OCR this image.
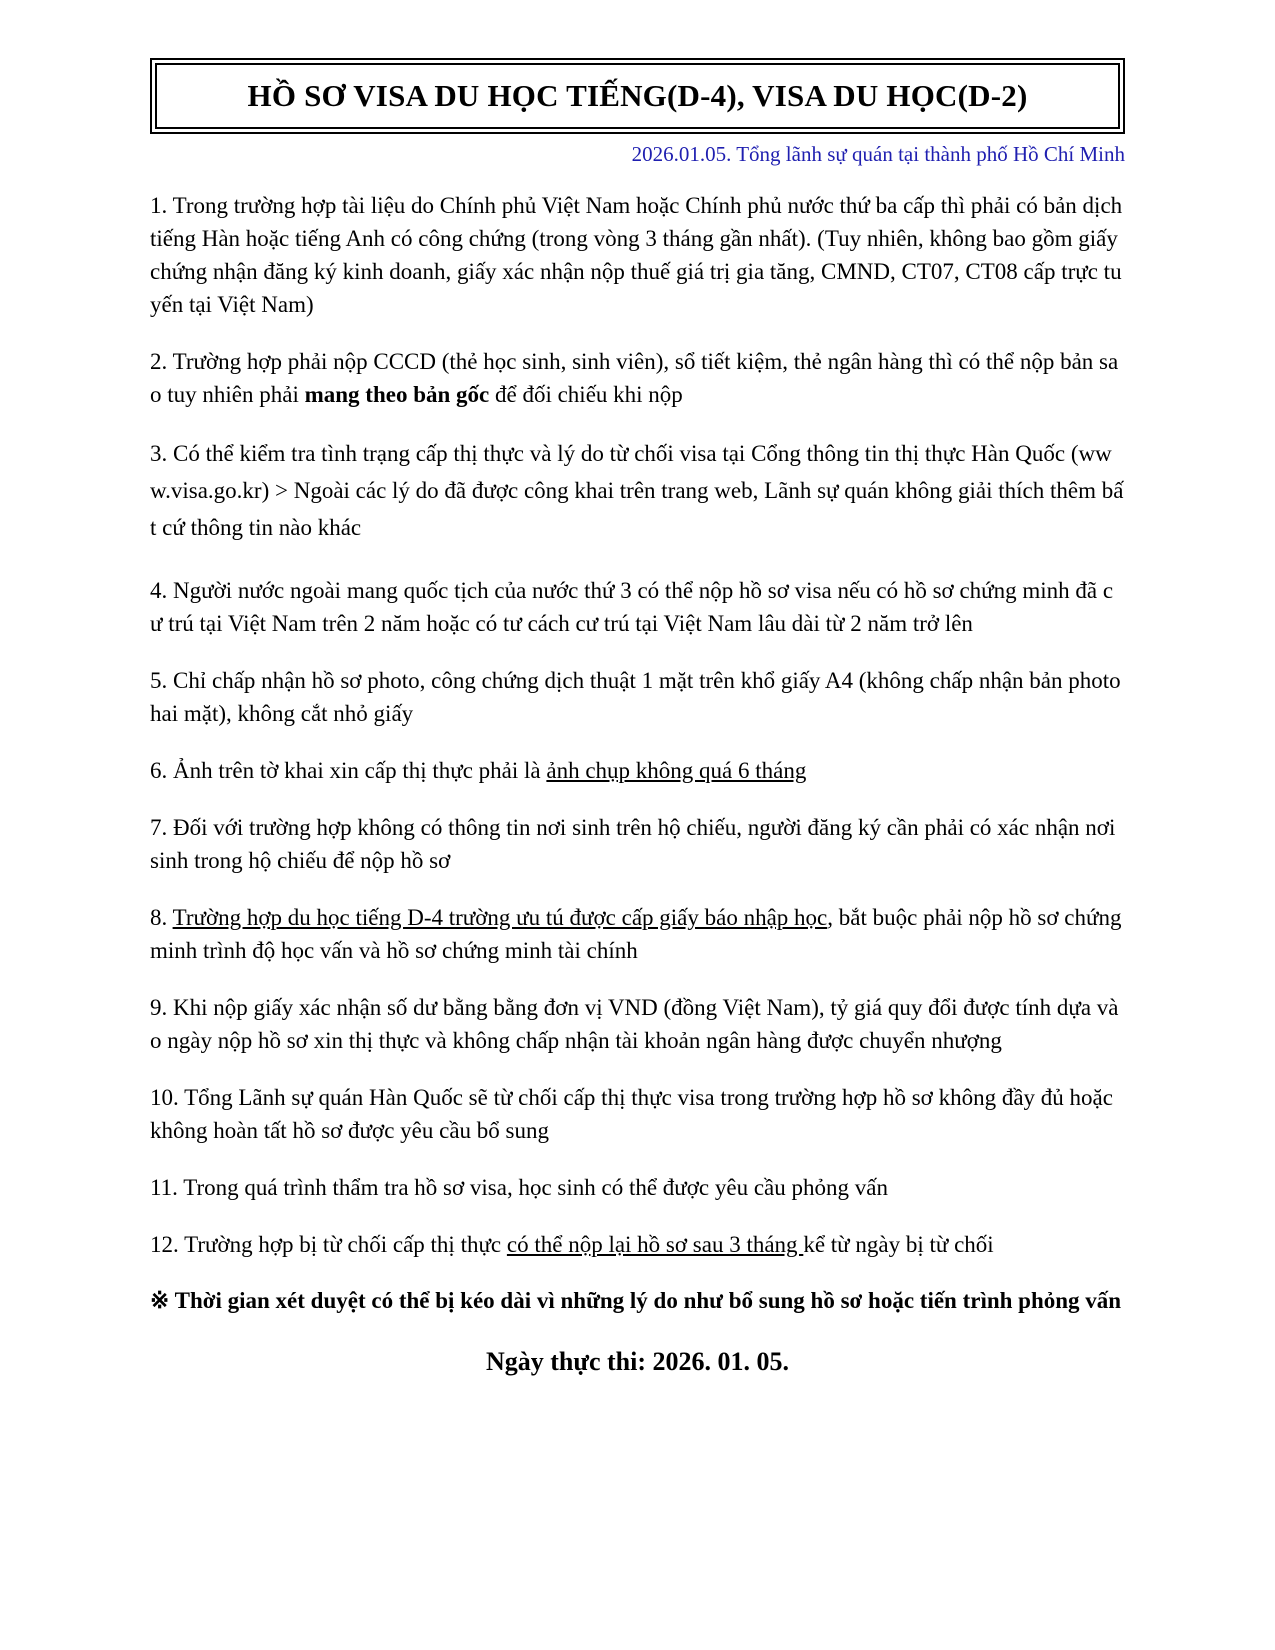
HỒ SƠ VISA DU HỌC TIẾNG(D-4), VISA DU HỌC(D-2)
2026.01.05. Tổng lãnh sự quán tại thành phố Hồ Chí Minh

1. Trong trường hợp tài liệu do Chính phủ Việt Nam hoặc Chính phủ nước thứ ba cấp thì phải có bản dịch tiếng Hàn hoặc tiếng Anh có công chứng (trong vòng 3 tháng gần nhất). (Tuy nhiên, không bao gồm giấy chứng nhận đăng ký kinh doanh, giấy xác nhận nộp thuế giá trị gia tăng, CMND, CT07, CT08 cấp trực tuyến tại Việt Nam)

2. Trường hợp phải nộp CCCD (thẻ học sinh, sinh viên), sổ tiết kiệm, thẻ ngân hàng thì có thể nộp bản sao tuy nhiên phải mang theo bản gốc để đối chiếu khi nộp

3. Có thể kiểm tra tình trạng cấp thị thực và lý do từ chối visa tại Cổng thông tin thị thực Hàn Quốc (www.visa.go.kr) > Ngoài các lý do đã được công khai trên trang web, Lãnh sự quán không giải thích thêm bất cứ thông tin nào khác

4. Người nước ngoài mang quốc tịch của nước thứ 3 có thể nộp hồ sơ visa nếu có hồ sơ chứng minh đã cư trú tại Việt Nam trên 2 năm hoặc có tư cách cư trú tại Việt Nam lâu dài từ 2 năm trở lên

5. Chỉ chấp nhận hồ sơ photo, công chứng dịch thuật 1 mặt trên khổ giấy A4 (không chấp nhận bản photo hai mặt), không cắt nhỏ giấy

6. Ảnh trên tờ khai xin cấp thị thực phải là ảnh chụp không quá 6 tháng

7. Đối với trường hợp không có thông tin nơi sinh trên hộ chiếu, người đăng ký cần phải có xác nhận nơi sinh trong hộ chiếu để nộp hồ sơ

8. Trường hợp du học tiếng D-4 trường ưu tú được cấp giấy báo nhập học, bắt buộc phải nộp hồ sơ chứng minh trình độ học vấn và hồ sơ chứng minh tài chính

9. Khi nộp giấy xác nhận số dư bằng bằng đơn vị VND (đồng Việt Nam), tỷ giá quy đổi được tính dựa vào ngày nộp hồ sơ xin thị thực và không chấp nhận tài khoản ngân hàng được chuyển nhượng

10. Tổng Lãnh sự quán Hàn Quốc sẽ từ chối cấp thị thực visa trong trường hợp hồ sơ không đầy đủ hoặc không hoàn tất hồ sơ được yêu cầu bổ sung

11. Trong quá trình thẩm tra hồ sơ visa, học sinh có thể được yêu cầu phỏng vấn

12. Trường hợp bị từ chối cấp thị thực có thể nộp lại hồ sơ sau 3 tháng kể từ ngày bị từ chối

※ Thời gian xét duyệt có thể bị kéo dài vì những lý do như bổ sung hồ sơ hoặc tiến trình phỏng vấn
Ngày thực thi: 2026. 01. 05.
